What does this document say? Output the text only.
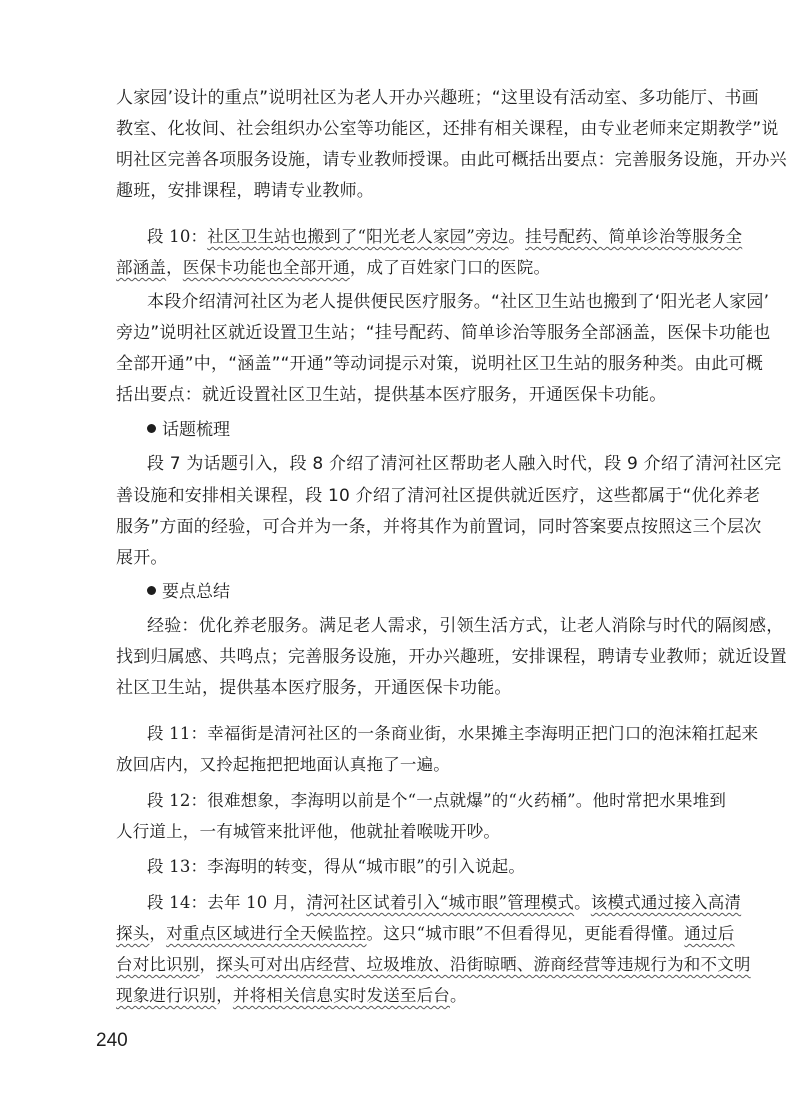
人家园’设计的重点”说明社区为老人开办兴趣班；“这里设有活动室、多功能厅、书画
教室、化妆间、社会组织办公室等功能区，还排有相关课程，由专业老师来定期教学”说
明社区完善各项服务设施，请专业教师授课。由此可概括出要点：完善服务设施，开办兴
趣班，安排课程，聘请专业教师。
段 10：社区卫生站也搬到了“阳光老人家园”旁边。挂号配药、简单诊治等服务全
部涵盖，医保卡功能也全部开通，成了百姓家门口的医院。
本段介绍清河社区为老人提供便民医疗服务。“社区卫生站也搬到了‘阳光老人家园’
旁边”说明社区就近设置卫生站；“挂号配药、简单诊治等服务全部涵盖，医保卡功能也
全部开通”中，“涵盖”“开通”等动词提示对策，说明社区卫生站的服务种类。由此可概
括出要点：就近设置社区卫生站，提供基本医疗服务，开通医保卡功能。
话题梳理
段 7 为话题引入，段 8 介绍了清河社区帮助老人融入时代，段 9 介绍了清河社区完
善设施和安排相关课程，段 10 介绍了清河社区提供就近医疗，这些都属于“优化养老
服务”方面的经验，可合并为一条，并将其作为前置词，同时答案要点按照这三个层次
展开。
要点总结
经验：优化养老服务。满足老人需求，引领生活方式，让老人消除与时代的隔阂感，
找到归属感、共鸣点；完善服务设施，开办兴趣班，安排课程，聘请专业教师；就近设置
社区卫生站，提供基本医疗服务，开通医保卡功能。
段 11：幸福街是清河社区的一条商业街，水果摊主李海明正把门口的泡沫箱扛起来
放回店内，又拎起拖把把地面认真拖了一遍。
段 12：很难想象，李海明以前是个“一点就爆”的“火药桶”。他时常把水果堆到
人行道上，一有城管来批评他，他就扯着喉咙开吵。
段 13：李海明的转变，得从“城市眼”的引入说起。
段 14：去年 10 月，清河社区试着引入“城市眼”管理模式。该模式通过接入高清
探头，对重点区域进行全天候监控。这只“城市眼”不但看得见，更能看得懂。通过后
台对比识别，探头可对出店经营、垃圾堆放、沿街晾晒、游商经营等违规行为和不文明
现象进行识别，并将相关信息实时发送至后台。
240
